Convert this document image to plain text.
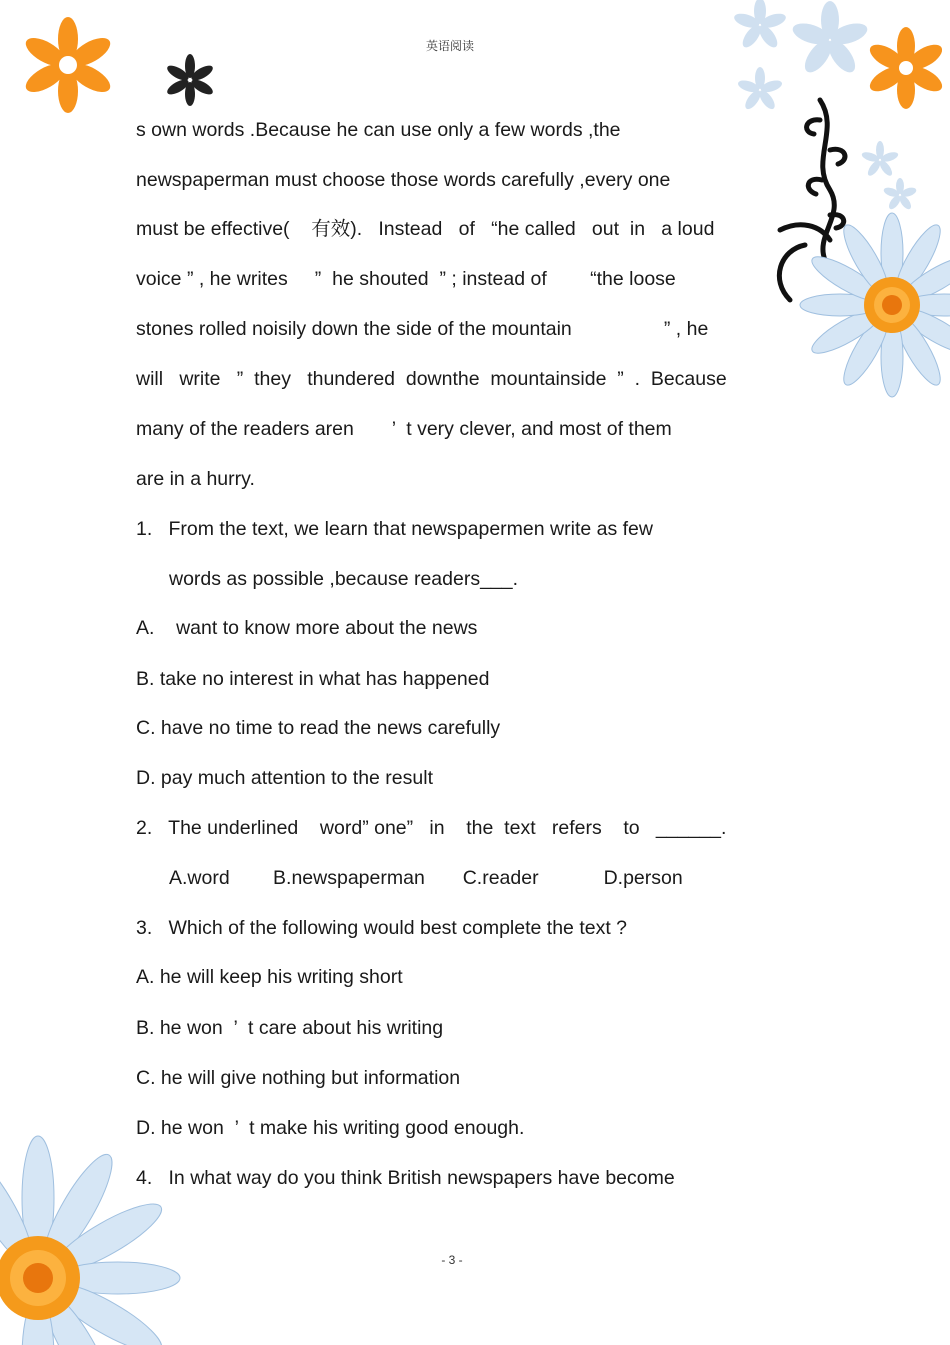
英语阅读
s own words .Because he can use only a few words ,the
newspaperman must choose those words carefully ,every one
must be effective(    有效).   Instead   of   “he called   out  in   a loud
voice ” , he writes     ”  he shouted  ” ; instead of        “the loose
stones rolled noisily down the side of the mountain                 ” , he
will   write   ”  they   thundered  downthe  mountainside  ”  .  Because
many of the readers aren       ’  t very clever, and most of them
are in a hurry.
1.   From the text, we learn that newspapermen write as few
words as possible ,because readers___.
A.    want to know more about the news
B. take no interest in what has happened
C. have no time to read the news carefully
D. pay much attention to the result
2.   The underlined    word” one”   in    the  text   refers    to   ______.
A.word        B.newspaperman       C.reader            D.person
3.   Which of the following would best complete the text ?
A. he will keep his writing short
B. he won  ’  t care about his writing
C. he will give nothing but information
D. he won  ’  t make his writing good enough.
4.   In what way do you think British newspapers have become
- 3 -
